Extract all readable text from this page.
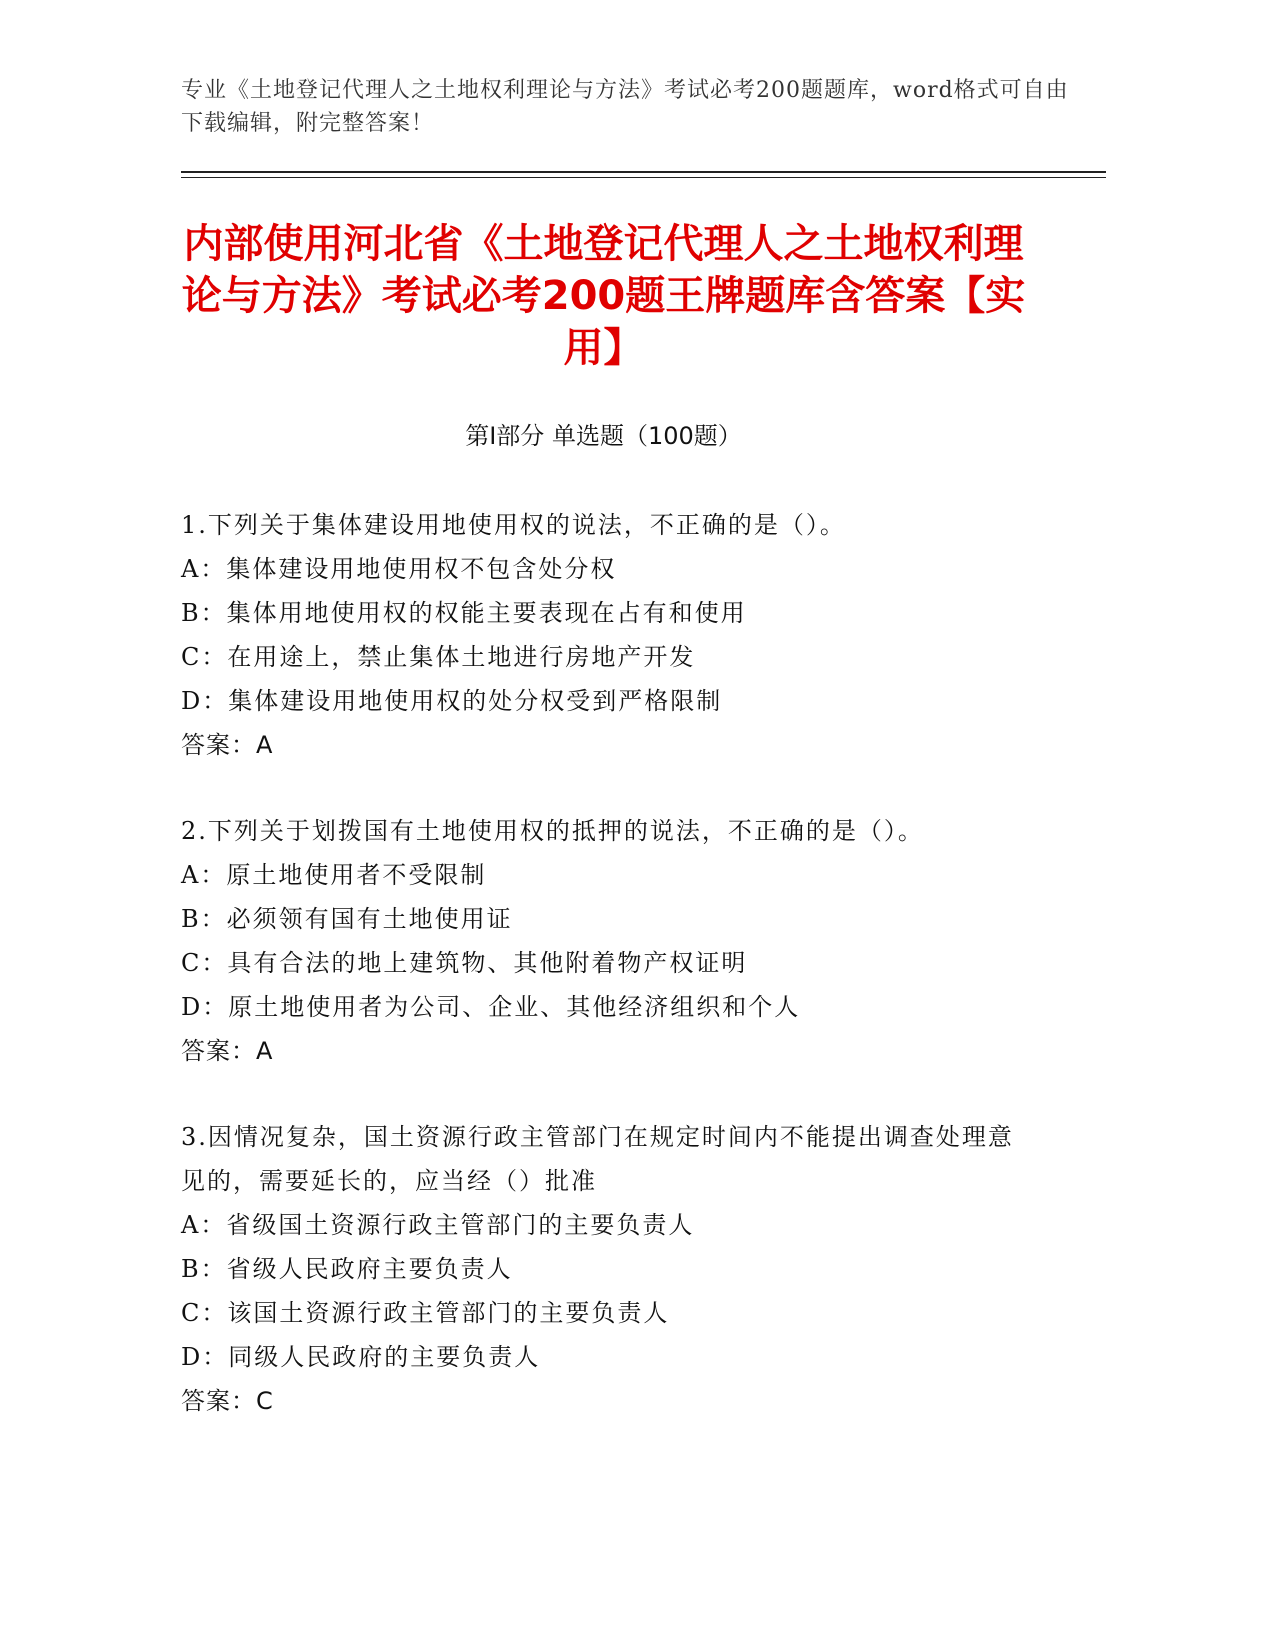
专业《土地登记代理人之土地权利理论与方法》考试必考200题题库，word格式可自由下载编辑，附完整答案！
内部使用河北省《土地登记代理人之土地权利理论与方法》考试必考200题王牌题库含答案【实用】
第I部分 单选题（100题）
1.下列关于集体建设用地使用权的说法，不正确的是（）。
A：集体建设用地使用权不包含处分权
B：集体用地使用权的权能主要表现在占有和使用
C：在用途上，禁止集体土地进行房地产开发
D：集体建设用地使用权的处分权受到严格限制
答案：A
2.下列关于划拨国有土地使用权的抵押的说法，不正确的是（）。
A：原土地使用者不受限制
B：必须领有国有土地使用证
C：具有合法的地上建筑物、其他附着物产权证明
D：原土地使用者为公司、企业、其他经济组织和个人
答案：A
3.因情况复杂，国土资源行政主管部门在规定时间内不能提出调查处理意见的，需要延长的，应当经（）批准
A：省级国土资源行政主管部门的主要负责人
B：省级人民政府主要负责人
C：该国土资源行政主管部门的主要负责人
D：同级人民政府的主要负责人
答案：C
